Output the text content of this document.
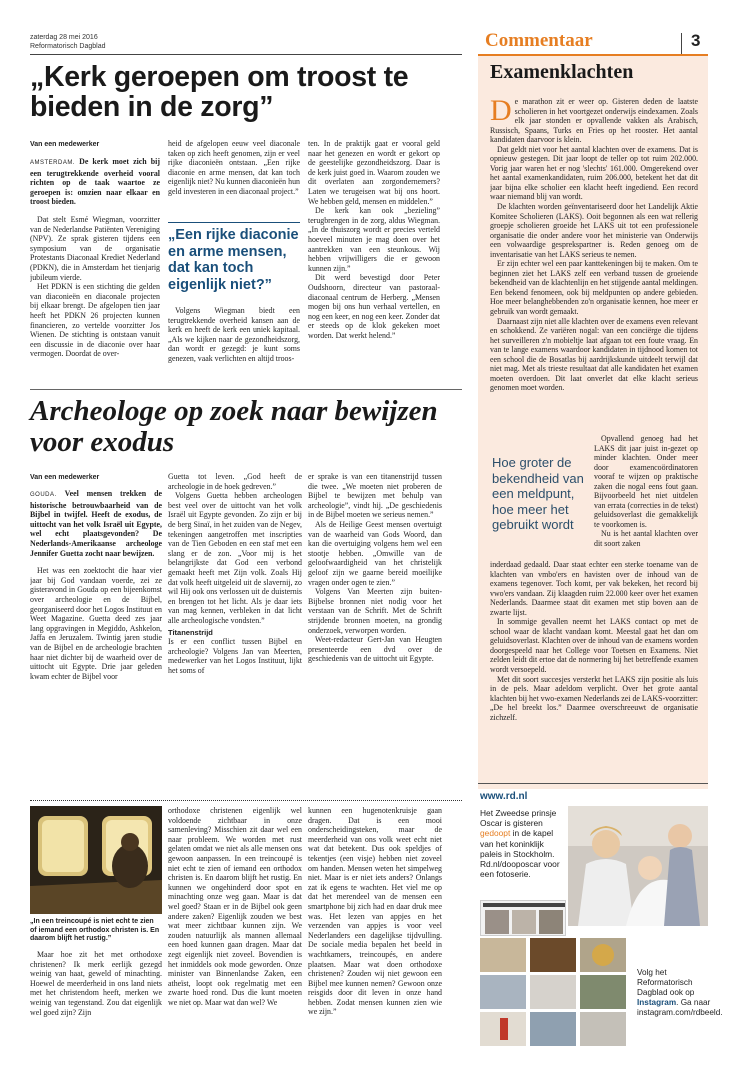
zaterdag 28 mei 2016
Reformatorisch Dagblad	Commentaar	3
„Kerk geroepen om troost te bieden in de zorg”
Van een medewerker

AMSTERDAM. De kerk moet zich bij een terugtrekkende overheid vooral richten op de taak waartoe ze geroepen is: omzien naar elkaar en troost bieden.

Dat stelt Esmé Wiegman, voorzitter van de Nederlandse Patiënten Vereniging (NPV). Ze sprak gisteren tijdens een symposium van de organisatie Protestants Diaconaal Krediet Nederland (PDKN), die in Amsterdam het tienjarig jubileum vierde.

Het PDKN is een stichting die gelden van diaconieën en diaconale projecten bij elkaar brengt. De afgelopen tien jaar heeft het PDKN 26 projecten kunnen financieren, zo vertelde voorzitter Jos Wienen. De stichting is ontstaan vanuit een discussie in de diaconie over haar vermogen. Doordat de over-

heid de afgelopen eeuw veel diaconale taken op zich heeft genomen, zijn er veel rijke diaconieën ontstaan. „Een rijke diaconie en arme mensen, dat kan toch eigenlijk niet? Nu kunnen diaconieën hun geld investeren in een diaconaal project.”

„Een rijke diaconie en arme mensen, dat kan toch eigenlijk niet?”

Volgens Wiegman biedt een terugtrekkende overheid kansen aan de kerk en heeft de kerk een uniek kapitaal. „Als we kijken naar de gezondheidszorg, dan wordt er gezegd: je kunt soms genezen, vaak verlichten en altijd troos-

ten. In de praktijk gaat er vooral geld naar het genezen en wordt er gekort op de geestelijke gezondheidszorg. Daar is de kerk juist goed in. Waarom zouden we dit overlaten aan zorgondernemers? Laten we terugeisen wat bij ons hoort. We hebben geld, mensen en middelen.”

De kerk kan ook „bezieling” terugbrengen in de zorg, aldus Wiegman. „In de thuiszorg wordt er precies verteld hoeveel minuten je mag doen over het aantrekken van een steunkous. Wij hebben vrijwilligers die er gewoon kunnen zijn.”

Dit werd bevestigd door Peter Oudshoorn, directeur van pastoraal-diaconaal centrum de Herberg. „Mensen mogen bij ons hun verhaal vertellen, en nog een keer, en nog een keer. Zonder dat er steeds op de klok gekeken moet worden. Dat werkt helend.”

Archeologe op zoek naar bewijzen voor exodus
Van een medewerker

GOUDA. Veel mensen trekken de historische betrouwbaarheid van de Bijbel in twijfel. Heeft de exodus, de uittocht van het volk Israël uit Egypte, wel echt plaatsgevonden? De Nederlands-Amerikaanse archeologe Jennifer Guetta zocht naar bewijzen.

Het was een zoektocht die haar vier jaar bij God vandaan voerde, zei ze gisteravond in Gouda op een bijeenkomst over archeologie en de Bijbel, georganiseerd door het Logos Instituut en Weet Magazine. Guetta deed zes jaar lang opgravingen in Megiddo, Ashkelon, Jaffa en Jeruzalem. Twintig jaren studie van de Bijbel en de archeologie brachten haar niet dichter bij de waarheid over de uittocht uit Egypte. Drie jaar geleden kwam echter de Bijbel voor

Guetta tot leven. „God heeft de archeologie in de hoek gedreven.”

Volgens Guetta hebben archeologen best veel over de uittocht van het volk Israël uit Egypte gevonden. Zo zijn er bij de berg Sinaï, in het zuiden van de Negev, tekeningen aangetroffen met inscripties van de Tien Geboden en een staf met een slang er de zon. „Voor mij is het belangrijkste dat God een verbond gemaakt heeft met Zijn volk. Zoals Hij dat volk heeft uitgeleid uit de slavernij, zo wil Hij ook ons verlossen uit de duisternis en brengen tot het licht. Als je daar iets van mag kennen, verbleken in dat licht alle archeologische vondsten.”

Titanenstrijd

Is er een conflict tussen Bijbel en archeologie? Volgens Jan van Meerten, medewerker van het Logos Instituut, lijkt het soms of

er sprake is van een titanenstrijd tussen die twee. „We moeten niet proberen de Bijbel te bewijzen met behulp van archeologie”, vindt hij. „De geschiedenis in de Bijbel moeten we serieus nemen.”

Als de Heilige Geest mensen overtuigt van de waarheid van Gods Woord, dan kan die overtuiging volgens hem wel een stootje hebben. „Omwille van de geloofwaardigheid van het christelijk geloof zijn we gaarne bereid moeilijke vragen onder ogen te zien.”

Volgens Van Meerten zijn buiten-Bijbelse bronnen niet nodig voor het verstaan van de Schrift. Met de Schrift strijdende bronnen moeten, na grondig onderzoek, verworpen worden.

Weet-redacteur Gert-Jan van Heugten presenteerde een dvd over de geschiedenis van de uittocht uit Egypte.

Examenklachten

De marathon zit er weer op. Gisteren deden de laatste scholieren in het voortgezet onderwijs eindexamen. Zoals elk jaar stonden er opvallende vakken als Arabisch, Russisch, Spaans, Turks en Fries op het rooster. Het aantal kandidaten daarvoor is klein.

Dat geldt niet voor het aantal klachten over de examens. Dat is opnieuw gestegen. Dit jaar loopt de teller op tot ruim 202.000. Vorig jaar waren het er nog 'slechts' 161.000. Omgerekend over het aantal examenkandidaten, ruim 206.000, betekent het dat dit jaar bijna elke scholier een klacht heeft ingediend. Een record waar niemand blij van wordt.

De klachten worden geïnventariseerd door het Landelijk Aktie Komitee Scholieren (LAKS). Ooit begonnen als een wat rellerig groepje scholieren groeide het LAKS uit tot een professionele organisatie die onder andere voor het ministerie van Onderwijs een volwaardige gesprekspartner is. Reden genoeg om de inventarisatie van het LAKS serieus te nemen.

Er zijn echter wel een paar kanttekeningen bij te maken. Om te beginnen ziet het LAKS zelf een verband tussen de groeiende bekendheid van de klachtenlijn en het stijgende aantal meldingen. Een bekend fenomeen, ook bij meldpunten op andere gebieden. Hoe meer belanghebbenden zo'n organisatie kennen, hoe meer er gebruik van wordt gemaakt.

Daarnaast zijn niet alle klachten over de examens even relevant en schokkend. Ze variëren nogal: van een conciërge die tijdens het surveilleren z'n mobieltje laat afgaan tot een foute vraag. En van te lange examens waardoor kandidaten in tijdnood komen tot een school die de Bosatlas bij aardrijkskunde uitdeelt terwijl dat niet mag. Met als trieste resultaat dat alle kandidaten het examen moeten overdoen. Dit laat onverlet dat elke klacht serieus genomen moet worden.

Hoe groter de bekendheid van een meldpunt, hoe meer het gebruikt wordt

Opvallend genoeg had het LAKS dit jaar juist in-gezet op minder klachten. Onder meer door examencoördinatoren vooraf te wijzen op praktische zaken die nogal eens fout gaan. Bijvoorbeeld het niet uitdelen van errata (correcties in de tekst) geluidsoverlast die gemakkelijk te voorkomen is.

Nu is het aantal klachten over dit soort zaken

inderdaad gedaald. Daar staat echter een sterke toename van de klachten van vmbo'ers en havisten over de inhoud van de examens tegenover. Toch komt, per vak bekeken, het record bij vwo'ers vandaan. Zij klaagden ruim 22.000 keer over het examen Nederlands. Daarmee staat dit examen met stip boven aan de zwarte lijst.

In sommige gevallen neemt het LAKS contact op met de school waar de klacht vandaan komt. Meestal gaat het dan om geluidsoverlast. Klachten over de inhoud van de examens worden doorgespeeld naar het College voor Toetsen en Examens. Niet zelden leidt dit ertoe dat de normering bij het betreffende examen wordt versoepeld.

Met dit soort succesjes versterkt het LAKS zijn positie als luis in de pels. Maar adeldom verplicht. Over het grote aantal klachten bij het vwo-examen Nederlands zei de LAKS-voorzitter: „De hel breekt los.” Daarmee overschreeuwt de organisatie zichzelf.

„In een treincoupé is niet echt te zien of iemand een orthodox christen is. En daarom blijft het rustig.”

Maar hoe zit het met orthodoxe christenen? Ik merk eerlijk gezegd weinig van haat, geweld of minachting. Hoewel de meerderheid in ons land niets met het christendom heeft, merken we weinig van tegenstand. Zou dat eigenlijk wel goed zijn? Zijn

orthodoxe christenen eigenlijk wel voldoende zichtbaar in onze samenleving? Misschien zit daar wel een naar probleem. We worden met rust gelaten omdat we niet als alle mensen ons gewoon aanpassen. In een treincoupé is niet echt te zien of iemand een orthodox christen is. En daarom blijft het rustig. En kunnen we ongehinderd door spot en minachting onze weg gaan. Maar is dat wel goed? Staan er in de Bijbel ook geen andere zaken? Eigenlijk zouden we best wat meer zichtbaar kunnen zijn. We zouden natuurlijk als mannen allemaal een hoed kunnen gaan dragen. Maar dat zegt eigenlijk niet zoveel. Bovendien is het inmiddels ook mode geworden. Onze minister van Binnenlandse Zaken, een atheïst, loopt ook regelmatig met een zwarte hoed rond. Dus die kunt moeten we niet op. Maar wat dan wel? We

kunnen een hugenotenkruisje gaan dragen. Dat is een mooi onderscheidingsteken, maar de meerderheid van ons volk weet echt niet wat dat betekent. Dus ook speldjes of tekentjes (een visje) hebben niet zoveel om handen. Mensen weten het simpelweg niet. Maar is er niet iets anders? Onlangs zat ik egens te wachten. Het viel me op dat het merendeel van de mensen een smartphone bij zich had en daar druk mee was. Het lezen van appjes en het verzenden van appjes is voor veel Nederlanders een dagelijkse tijdvulling. De sociale media bepalen het beeld in wachtkamers, treincoupés, en andere plaatsen. Maar wat doen orthodoxe christenen? Zouden wij niet gewoon een Bijbel mee kunnen nemen? Gewoon onze reisgids door dit leven in onze hand hebben. Zodat mensen kunnen zien wie we zijn.”

www.rd.nl
Het Zweedse prinsje Oscar is gisteren gedoopt in de kapel van het koninklijk paleis in Stockholm. Rd.nl/dooposcar voor een fotoserie.
Volg het Reformatorisch Dagblad ook op Instagram. Ga naar instagram.com/rdbeeld.
